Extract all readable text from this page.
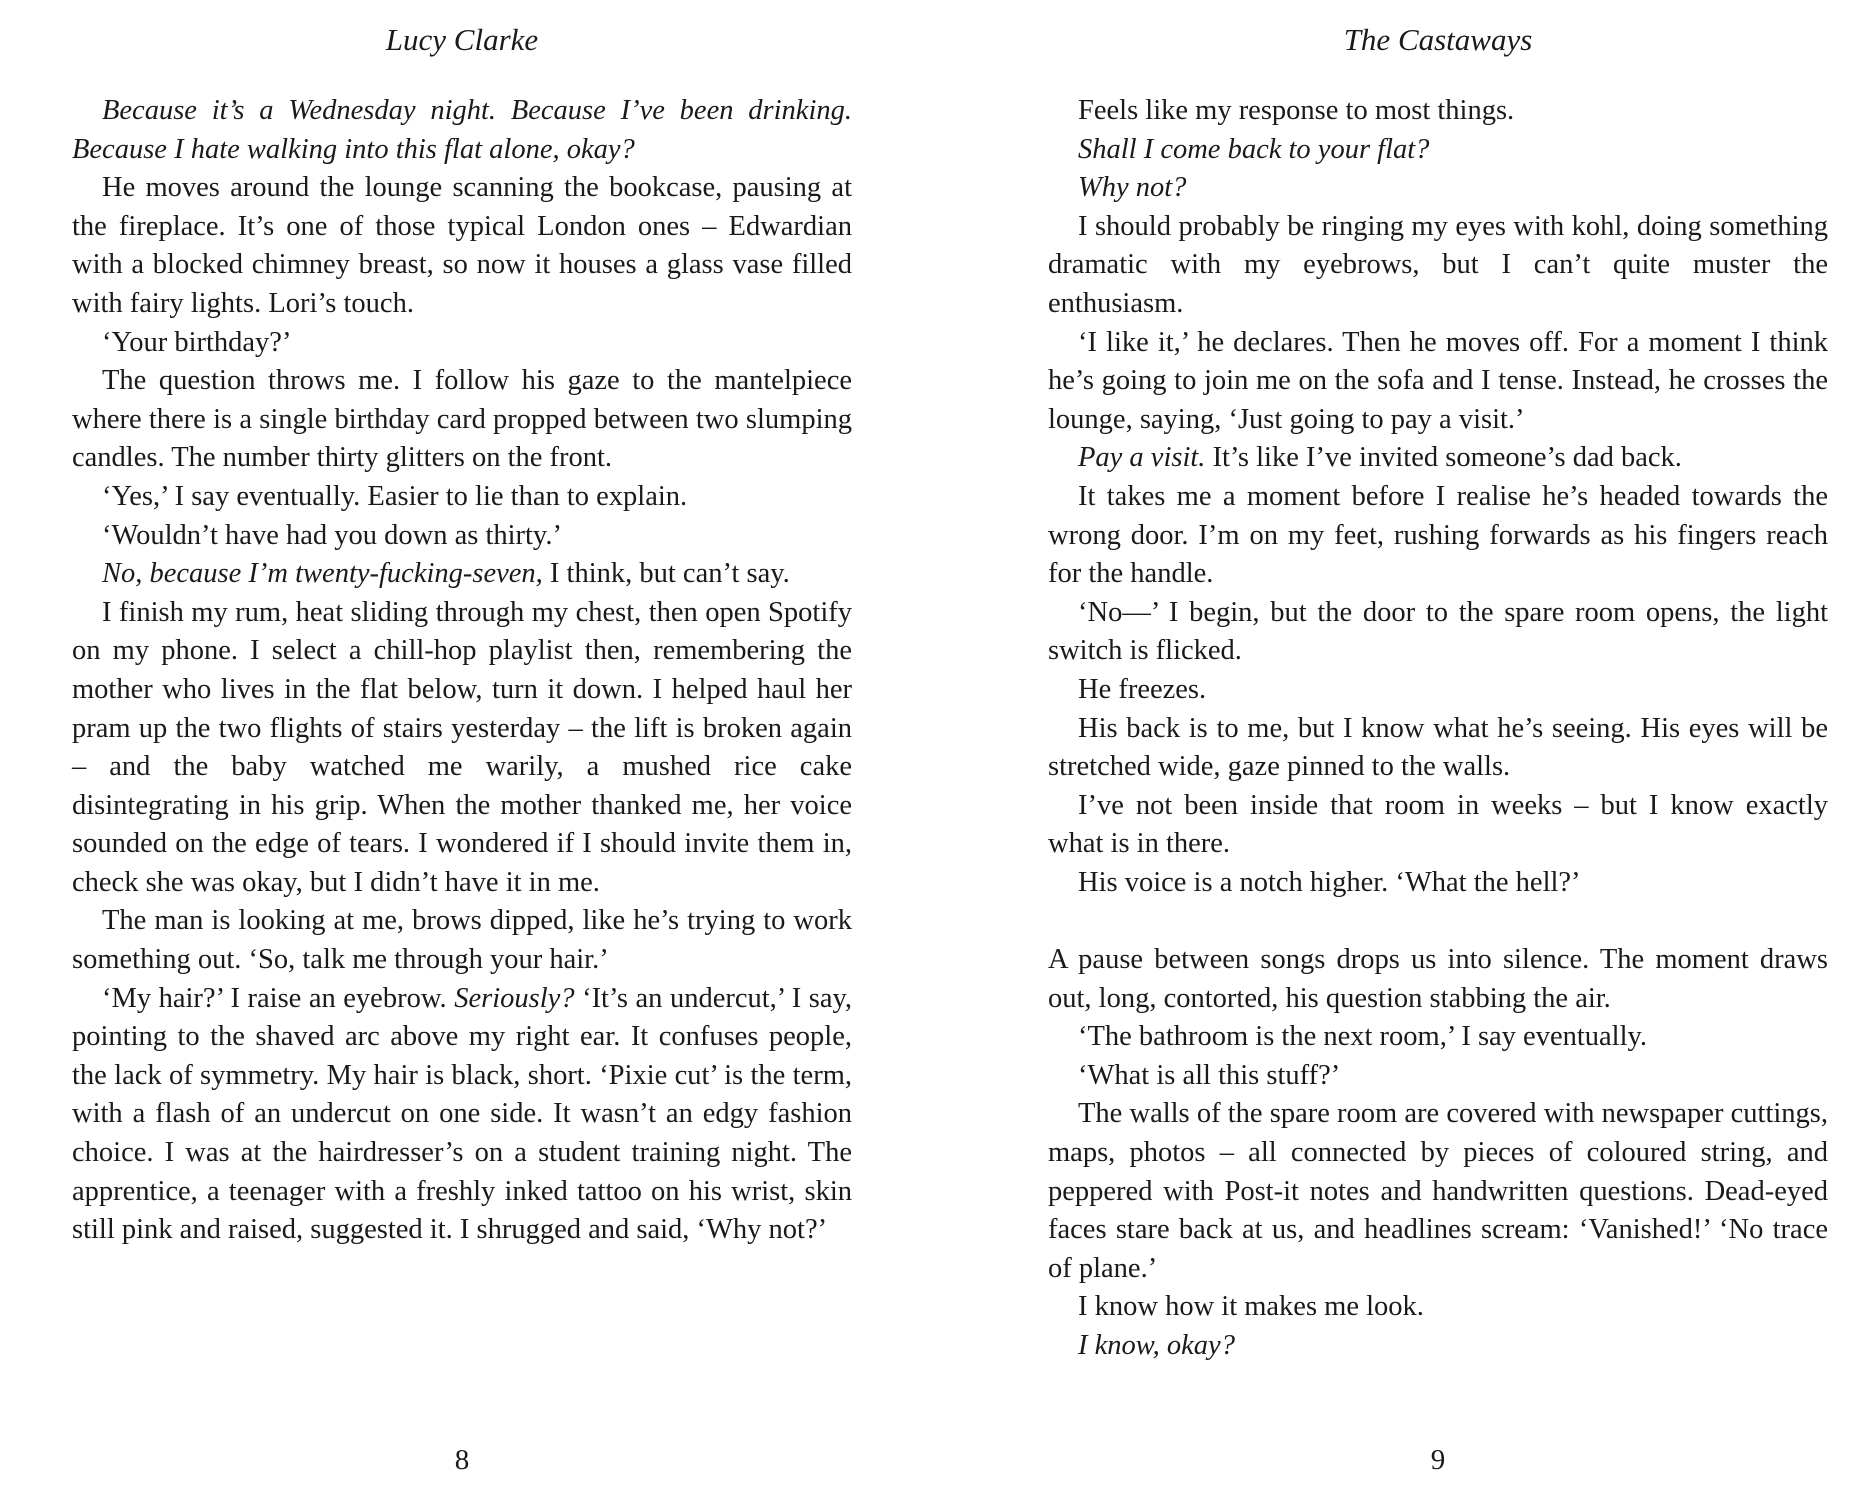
Lucy Clarke

Because it’s a Wednesday night. Because I’ve been drinking. Because I hate walking into this flat alone, okay?

He moves around the lounge scanning the bookcase, pausing at the fireplace. It’s one of those typical London ones – Edwardian with a blocked chimney breast, so now it houses a glass vase filled with fairy lights. Lori’s touch.

‘Your birthday?’

The question throws me. I follow his gaze to the mantelpiece where there is a single birthday card propped between two slumping candles. The number thirty glitters on the front.

‘Yes,’ I say eventually. Easier to lie than to explain.

‘Wouldn’t have had you down as thirty.’

No, because I’m twenty-fucking-seven, I think, but can’t say.

I finish my rum, heat sliding through my chest, then open Spotify on my phone. I select a chill-hop playlist then, remembering the mother who lives in the flat below, turn it down. I helped haul her pram up the two flights of stairs yesterday – the lift is broken again – and the baby watched me warily, a mushed rice cake disintegrating in his grip. When the mother thanked me, her voice sounded on the edge of tears. I wondered if I should invite them in, check she was okay, but I didn’t have it in me.

The man is looking at me, brows dipped, like he’s trying to work something out. ‘So, talk me through your hair.’

‘My hair?’ I raise an eyebrow. Seriously? ‘It’s an undercut,’ I say, pointing to the shaved arc above my right ear. It confuses people, the lack of symmetry. My hair is black, short. ‘Pixie cut’ is the term, with a flash of an undercut on one side. It wasn’t an edgy fashion choice. I was at the hairdresser’s on a student training night. The apprentice, a teenager with a freshly inked tattoo on his wrist, skin still pink and raised, suggested it. I shrugged and said, ‘Why not?’

8
The Castaways

Feels like my response to most things.

Shall I come back to your flat?

Why not?

I should probably be ringing my eyes with kohl, doing something dramatic with my eyebrows, but I can’t quite muster the enthusiasm.

‘I like it,’ he declares. Then he moves off. For a moment I think he’s going to join me on the sofa and I tense. Instead, he crosses the lounge, saying, ‘Just going to pay a visit.’

Pay a visit. It’s like I’ve invited someone’s dad back.

It takes me a moment before I realise he’s headed towards the wrong door. I’m on my feet, rushing forwards as his fingers reach for the handle.

‘No—’ I begin, but the door to the spare room opens, the light switch is flicked.

He freezes.

His back is to me, but I know what he’s seeing. His eyes will be stretched wide, gaze pinned to the walls.

I’ve not been inside that room in weeks – but I know exactly what is in there.

His voice is a notch higher. ‘What the hell?’

A pause between songs drops us into silence. The moment draws out, long, contorted, his question stabbing the air.

‘The bathroom is the next room,’ I say eventually.

‘What is all this stuff?’

The walls of the spare room are covered with newspaper cuttings, maps, photos – all connected by pieces of coloured string, and peppered with Post-it notes and handwritten questions. Dead-eyed faces stare back at us, and headlines scream: ‘Vanished!’ ‘No trace of plane.’

I know how it makes me look.

I know, okay?

9
